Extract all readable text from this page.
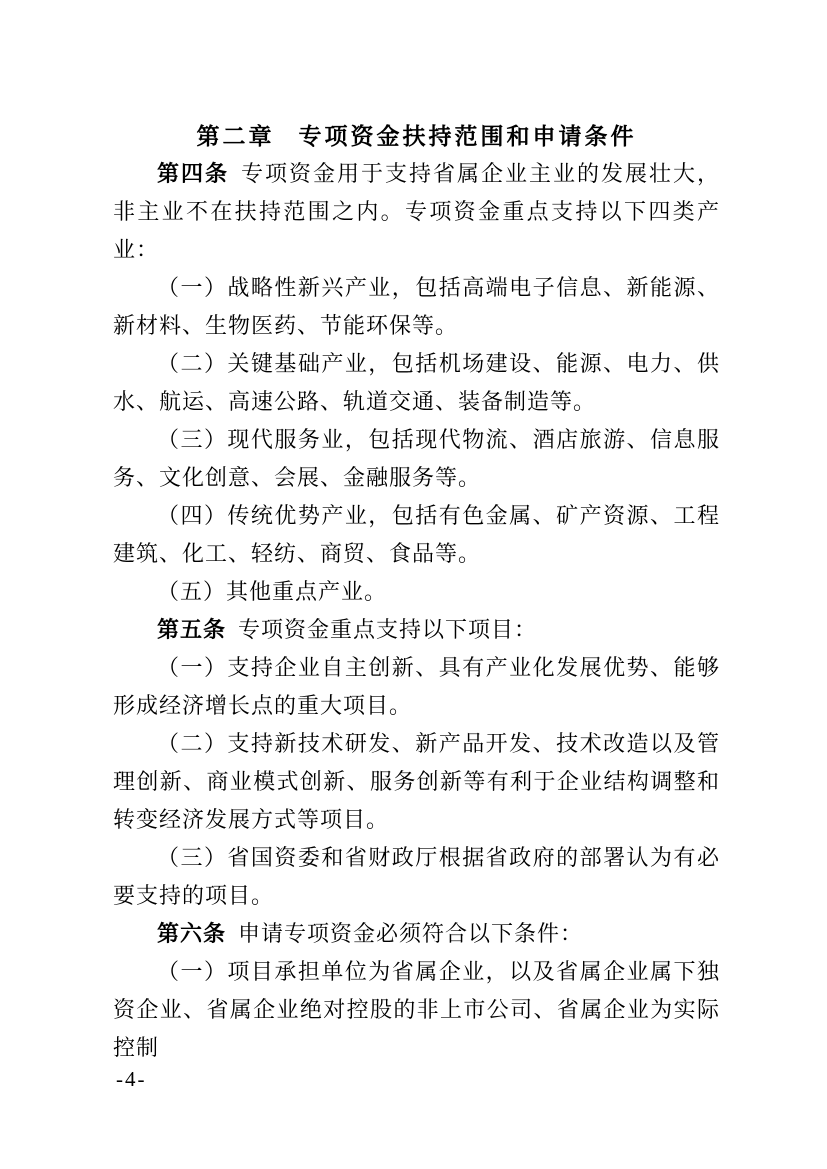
第二章 专项资金扶持范围和申请条件

第四条 专项资金用于支持省属企业主业的发展壮大，非主业不在扶持范围之内。专项资金重点支持以下四类产业：

（一）战略性新兴产业，包括高端电子信息、新能源、新材料、生物医药、节能环保等。

（二）关键基础产业，包括机场建设、能源、电力、供水、航运、高速公路、轨道交通、装备制造等。

（三）现代服务业，包括现代物流、酒店旅游、信息服务、文化创意、会展、金融服务等。

（四）传统优势产业，包括有色金属、矿产资源、工程建筑、化工、轻纺、商贸、食品等。

（五）其他重点产业。

第五条 专项资金重点支持以下项目：

（一）支持企业自主创新、具有产业化发展优势、能够形成经济增长点的重大项目。

（二）支持新技术研发、新产品开发、技术改造以及管理创新、商业模式创新、服务创新等有利于企业结构调整和转变经济发展方式等项目。

（三）省国资委和省财政厅根据省政府的部署认为有必要支持的项目。

第六条 申请专项资金必须符合以下条件：

（一）项目承担单位为省属企业，以及省属企业属下独资企业、省属企业绝对控股的非上市公司、省属企业为实际控制

-4-
